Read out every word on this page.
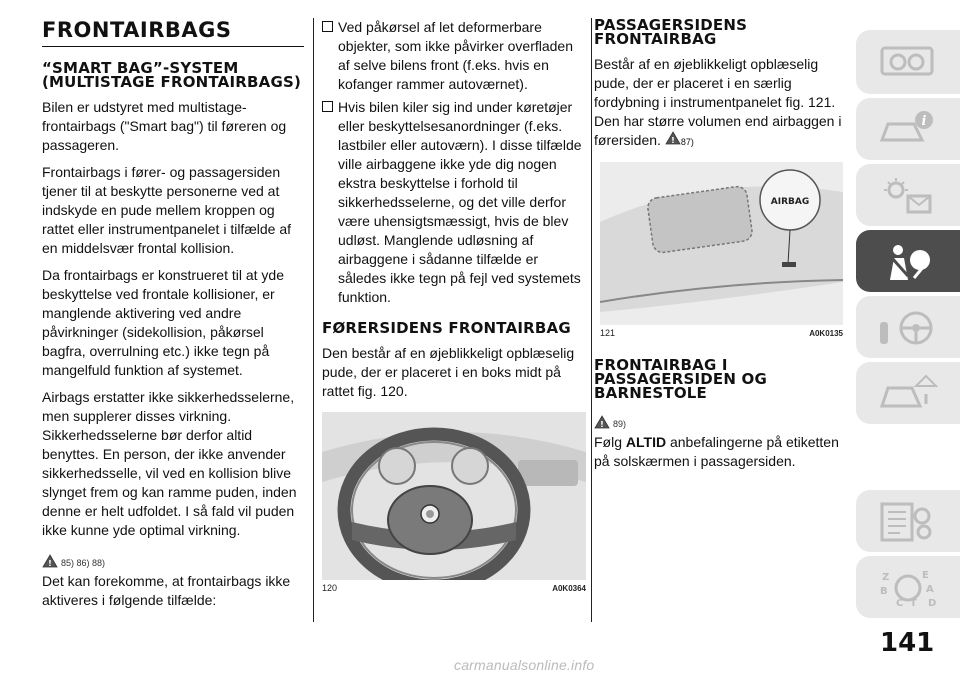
FRONTAIRBAGS
“SMART BAG”-SYSTEM (MULTISTAGE FRONTAIRBAGS)

Bilen er udstyret med multistage-frontairbags ("Smart bag") til føreren og passageren.

Frontairbags i fører- og passagersiden tjener til at beskytte personerne ved at indskyde en pude mellem kroppen og rattet eller instrumentpanelet i tilfælde af en middelsvær frontal kollision.

Da frontairbags er konstrueret til at yde beskyttelse ved frontale kollisioner, er manglende aktivering ved andre påvirkninger (sidekollision, påkørsel bagfra, overrulning etc.) ikke tegn på mangelfuld funktion af systemet.

Airbags erstatter ikke sikkerhedsselerne, men supplerer disses virkning. Sikkerhedsselerne bør derfor altid benyttes. En person, der ikke anvender sikkerhedsselle, vil ved en kollision blive slynget frem og kan ramme puden, inden denne er helt udfoldet. I så fald vil puden ikke kunne yde optimal virkning.

! 85) 86) 88)

Det kan forekomme, at frontairbags ikke aktiveres i følgende tilfælde:

Ved påkørsel af let deformerbare objekter, som ikke påvirker overfladen af selve bilens front (f.eks. hvis en kofanger rammer autoværnet).
Hvis bilen kiler sig ind under køretøjer eller beskyttelsesanordninger (f.eks. lastbiler eller autoværn). I disse tilfælde ville airbaggene ikke yde dig nogen ekstra beskyttelse i forhold til sikkerhedsselerne, og det ville derfor være uhensigtsmæssigt, hvis de blev udløst. Manglende udløsning af airbaggene i sådanne tilfælde er således ikke tegn på fejl ved systemets funktion.
FØRERSIDENS FRONTAIRBAG

Den består af en øjeblikkeligt opblæselig pude, der er placeret i en boks midt på rattet fig. 120.

120	A0K0364
PASSAGERSIDENS FRONTAIRBAG

Består af en øjeblikkeligt opblæselig pude, der er placeret i en særlig fordybning i instrumentpanelet fig. 121. Den har større volumen end airbaggen i førersiden. ! 87)

AIRBAG
121	A0K0135
FRONTAIRBAG I PASSAGERSIDEN OG BARNESTOLE
! 89)

Følg ALTID anbefalingerne på etiketten på solskærmen i passagersiden.

i
Z	E
B	A
C T D
141
carmanualsonline.info
